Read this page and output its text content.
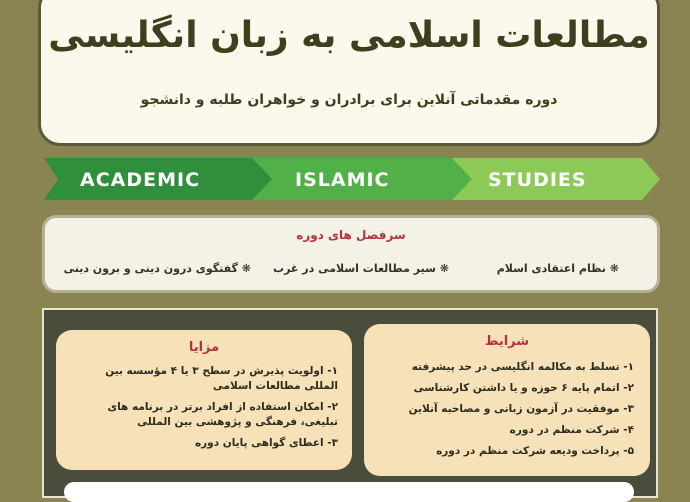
مطالعات اسلامی به زبان انگلیسی
دوره مقدماتی آنلاین برای برادران و خواهران طلبه و دانشجو
ACADEMIC	ISLAMIC	STUDIES
سرفصل های دوره
❋ نظام اعتقادی اسلام
❋ سیر مطالعات اسلامی در غرب
❋ گفتگوی درون دینی و برون دینی
شرایط
۱- تسلط به مکالمه انگلیسی در حد پیشرفته
۲- اتمام پایه ۶ حوزه و یا داشتن کارشناسی
۳- موفقیت در آزمون زبانی و مصاحبه آنلاین
۴- شرکت منظم در دوره
۵- پرداخت ودیعه شرکت منظم در دوره
مزایا
۱- اولویت پذیرش در سطح ۳ یا ۴ مؤسسه بین المللی مطالعات اسلامی
۲- امکان استفاده از افراد برتر در برنامه های تبلیغی، فرهنگی و پژوهشی بین المللی
۳- اعطای گواهی پایان دوره
